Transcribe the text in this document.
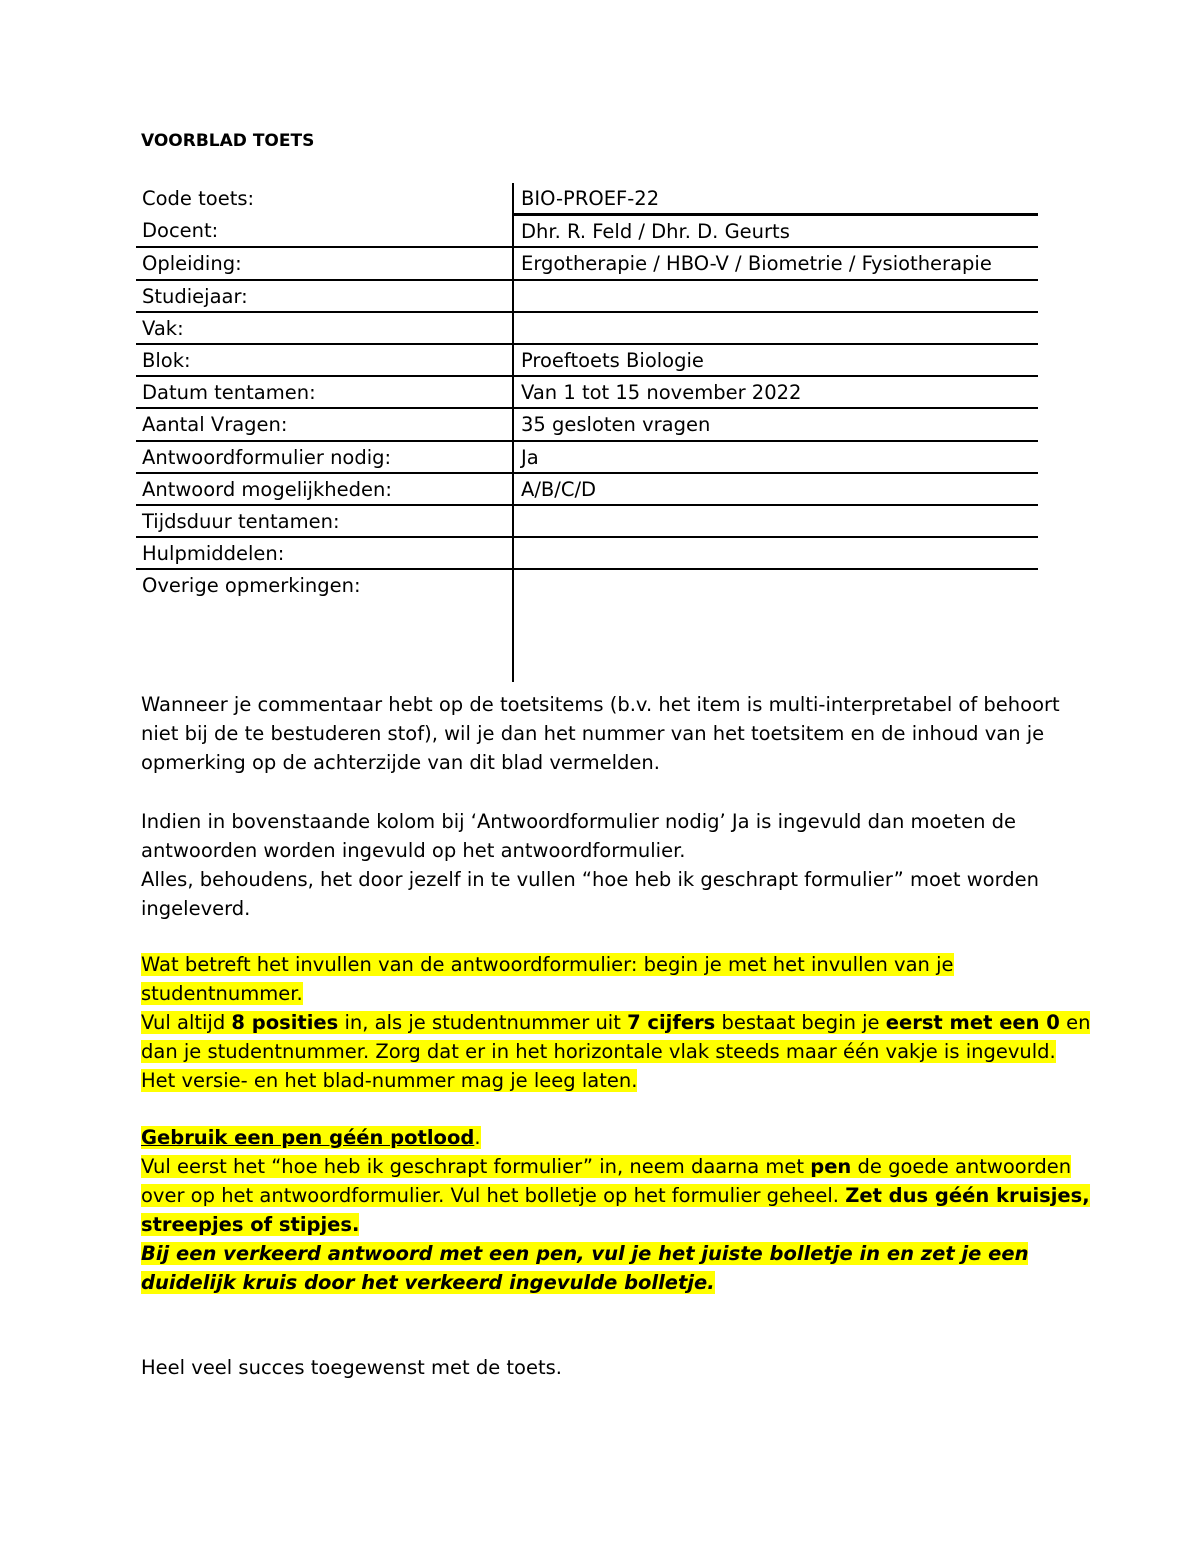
VOORBLAD TOETS
Code toets:	BIO-PROEF-22
Docent:	Dhr. R. Feld / Dhr. D. Geurts
Opleiding:	Ergotherapie / HBO-V / Biometrie / Fysiotherapie
Studiejaar:	
Vak:	
Blok:	Proeftoets Biologie
Datum tentamen:	Van 1 tot 15 november 2022
Aantal Vragen:	35 gesloten vragen
Antwoordformulier nodig:	Ja
Antwoord mogelijkheden:	A/B/C/D
Tijdsduur tentamen:	
Hulpmiddelen:	
Overige opmerkingen:	
Wanneer je commentaar hebt op de toetsitems (b.v. het item is multi-interpretabel of behoort niet bij de te bestuderen stof), wil je dan het nummer van het toetsitem en de inhoud van je opmerking op de achterzijde van dit blad vermelden.
Indien in bovenstaande kolom bij ‘Antwoordformulier nodig’ Ja is ingevuld dan moeten de antwoorden worden ingevuld op het antwoordformulier.
Alles, behoudens, het door jezelf in te vullen “hoe heb ik geschrapt formulier” moet worden ingeleverd.
Wat betreft het invullen van de antwoordformulier: begin je met het invullen van je studentnummer.
Vul altijd 8 posities in, als je studentnummer uit 7 cijfers bestaat begin je eerst met een 0 en dan je studentnummer. Zorg dat er in het horizontale vlak steeds maar één vakje is ingevuld.
Het versie- en het blad-nummer mag je leeg laten.
Gebruik een pen géén potlood.
Vul eerst het “hoe heb ik geschrapt formulier” in, neem daarna met pen de goede antwoorden over op het antwoordformulier. Vul het bolletje op het formulier geheel. Zet dus géén kruisjes, streepjes of stipjes.
Bij een verkeerd antwoord met een pen, vul je het juiste bolletje in en zet je een duidelijk kruis door het verkeerd ingevulde bolletje.
Heel veel succes toegewenst met de toets.
